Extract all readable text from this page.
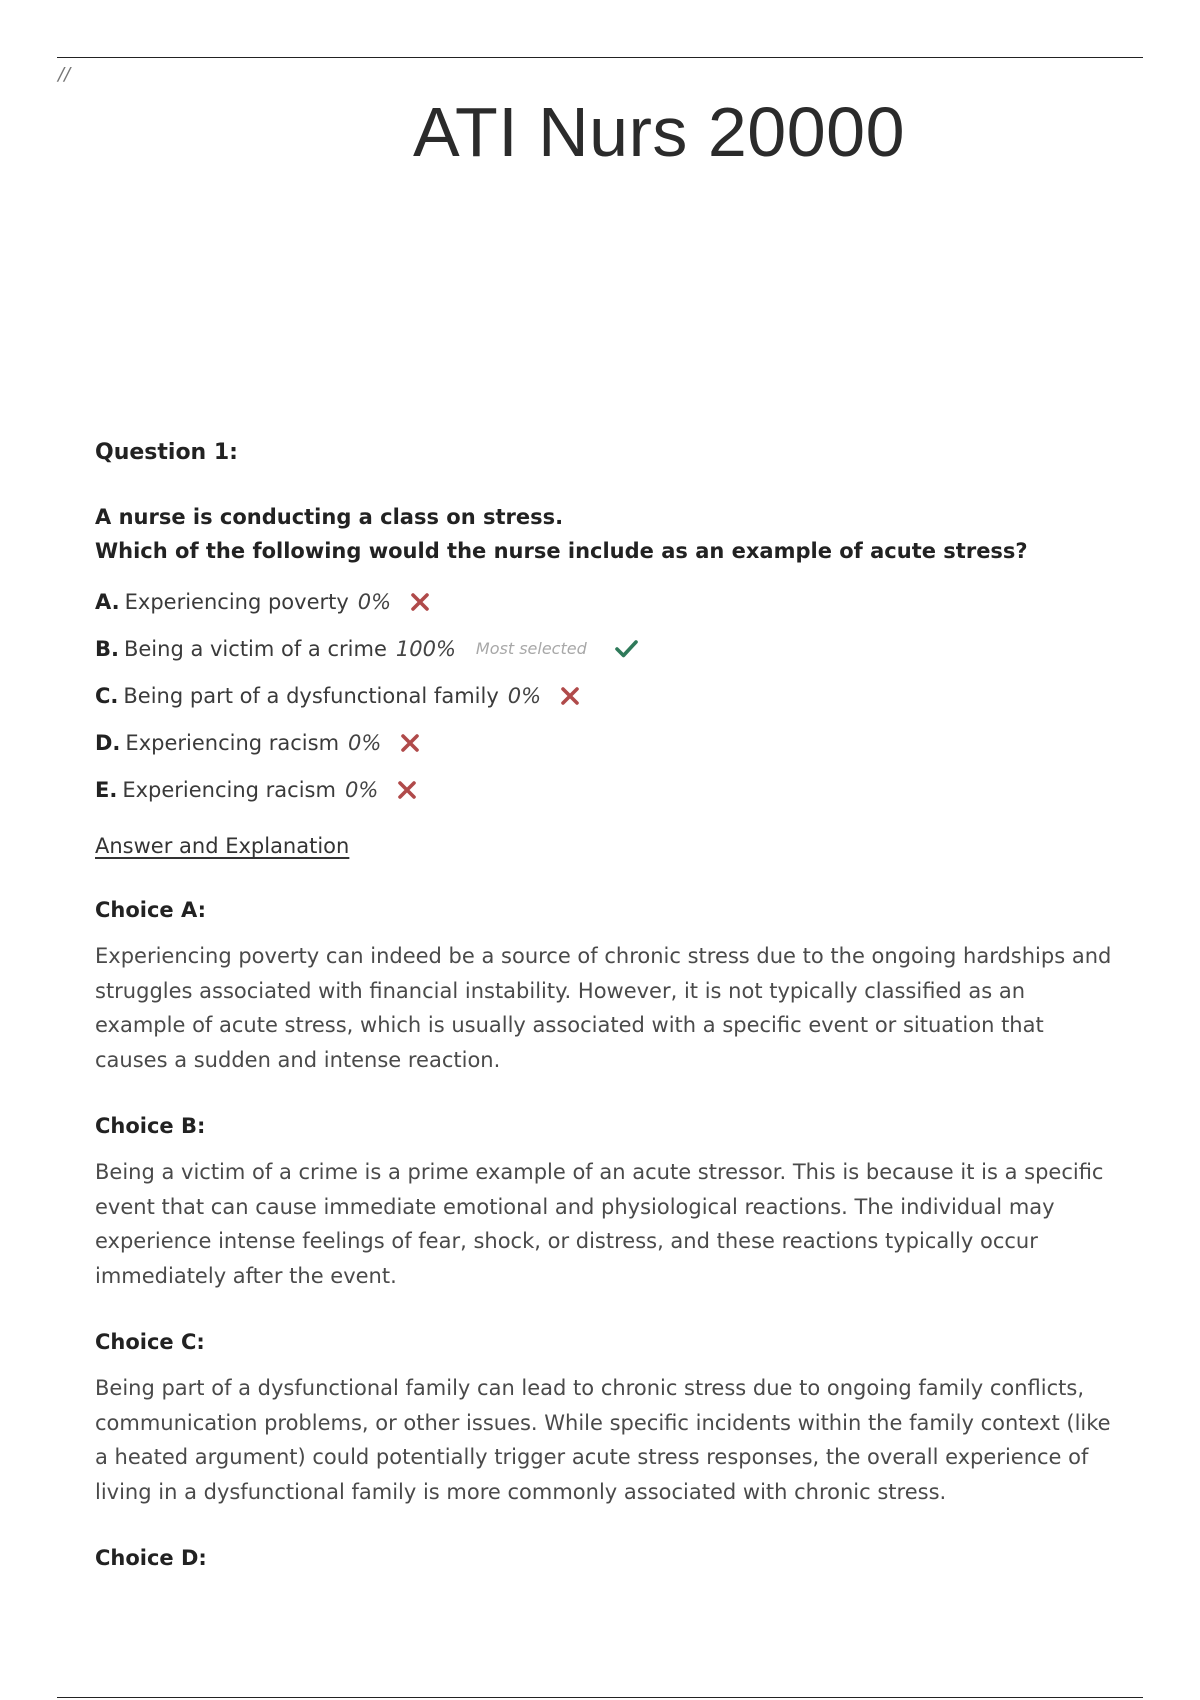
//
ATI Nurs 20000
Question 1:
A nurse is conducting a class on stress.
Which of the following would the nurse include as an example of acute stress?
A. Experiencing poverty 0%
B. Being a victim of a crime 100% Most selected
C. Being part of a dysfunctional family 0%
D. Experiencing racism 0%
E. Experiencing racism 0%
Answer and Explanation
Choice A:

Experiencing poverty can indeed be a source of chronic stress due to the ongoing hardships and struggles associated with financial instability. However, it is not typically classified as an example of acute stress, which is usually associated with a specific event or situation that causes a sudden and intense reaction.

Choice B:

Being a victim of a crime is a prime example of an acute stressor. This is because it is a specific event that can cause immediate emotional and physiological reactions. The individual may experience intense feelings of fear, shock, or distress, and these reactions typically occur immediately after the event.

Choice C:

Being part of a dysfunctional family can lead to chronic stress due to ongoing family conflicts, communication problems, or other issues. While specific incidents within the family context (like a heated argument) could potentially trigger acute stress responses, the overall experience of living in a dysfunctional family is more commonly associated with chronic stress.

Choice D:
